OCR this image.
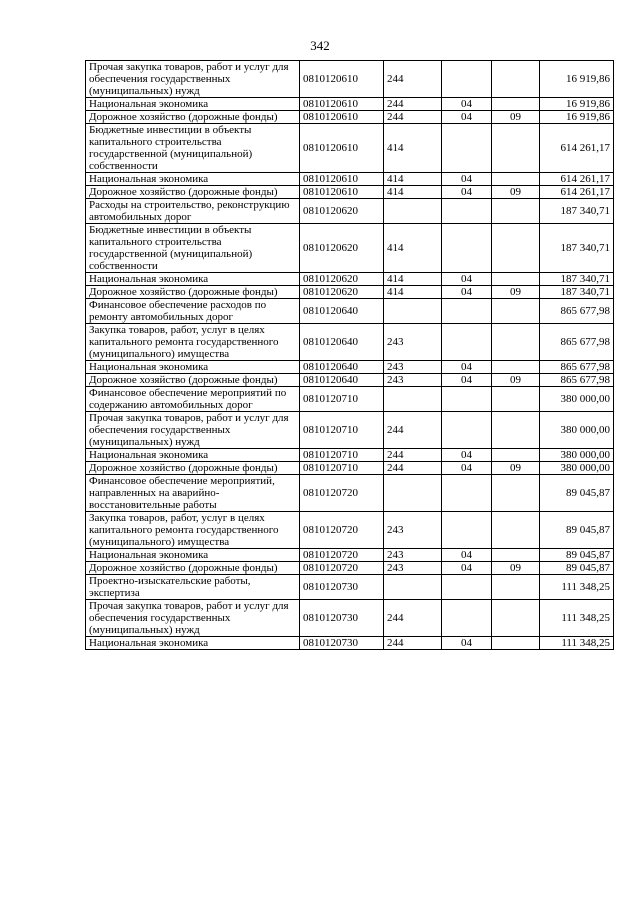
342
Прочая закупка товаров, работ и услуг для обеспечения государственных (муниципальных) нужд	0810120610	244			16 919,86
Национальная экономика	0810120610	244	04		16 919,86
Дорожное хозяйство (дорожные фонды)	0810120610	244	04	09	16 919,86
Бюджетные инвестиции в объекты капитального строительства государственной (муниципальной) собственности	0810120610	414			614 261,17
Национальная экономика	0810120610	414	04		614 261,17
Дорожное хозяйство (дорожные фонды)	0810120610	414	04	09	614 261,17
Расходы на строительство, реконструкцию автомобильных дорог	0810120620				187 340,71
Бюджетные инвестиции в объекты капитального строительства государственной (муниципальной) собственности	0810120620	414			187 340,71
Национальная экономика	0810120620	414	04		187 340,71
Дорожное хозяйство (дорожные фонды)	0810120620	414	04	09	187 340,71
Финансовое обеспечение расходов по ремонту автомобильных дорог	0810120640				865 677,98
Закупка товаров, работ, услуг в целях капитального ремонта государственного (муниципального) имущества	0810120640	243			865 677,98
Национальная экономика	0810120640	243	04		865 677,98
Дорожное хозяйство (дорожные фонды)	0810120640	243	04	09	865 677,98
Финансовое обеспечение мероприятий по содержанию автомобильных дорог	0810120710				380 000,00
Прочая закупка товаров, работ и услуг для обеспечения государственных (муниципальных) нужд	0810120710	244			380 000,00
Национальная экономика	0810120710	244	04		380 000,00
Дорожное хозяйство (дорожные фонды)	0810120710	244	04	09	380 000,00
Финансовое обеспечение мероприятий, направленных на аварийно-восстановительные работы	0810120720				89 045,87
Закупка товаров, работ, услуг в целях капитального ремонта государственного (муниципального) имущества	0810120720	243			89 045,87
Национальная экономика	0810120720	243	04		89 045,87
Дорожное хозяйство (дорожные фонды)	0810120720	243	04	09	89 045,87
Проектно-изыскательские работы, экспертиза	0810120730				111 348,25
Прочая закупка товаров, работ и услуг для обеспечения государственных (муниципальных) нужд	0810120730	244			111 348,25
Национальная экономика	0810120730	244	04		111 348,25
